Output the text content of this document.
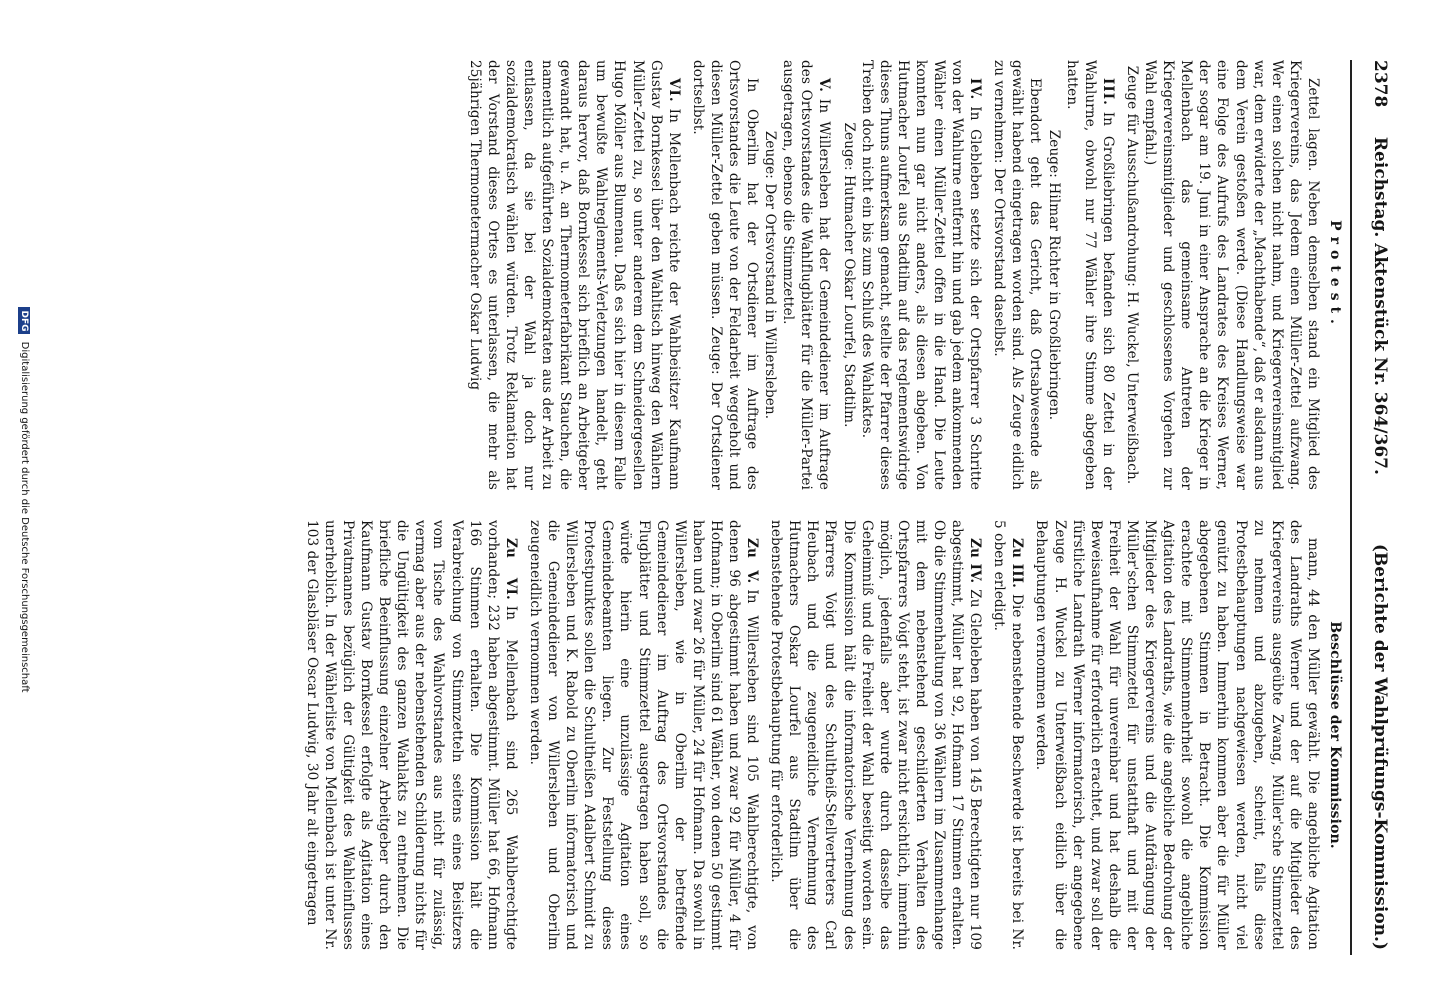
2378     Reichstag. Aktenstück Nr. 364/367.
(Berichte der Wahlprüfungs-Kommission.)
Protest.

Zettel lagen. Neben demselben stand ein Mitglied des Kriegervereins, das Jedem einen Müller-Zettel aufzwang. Wer einen solchen nicht nahm, und Kriegervereinsmitglied war, dem erwiderte der „Machthabende“, daß er alsdann aus dem Verein gestoßen werde. (Diese Handlungsweise war eine Folge des Aufrufs des Landrates des Kreises Werner, der sogar am 19. Juni in einer Ansprache an die Krieger in Mellenbach das gemeinsame Antreten der Kriegervereinsmitglieder und geschlossenes Vorgehen zur Wahl empfahl.)

Zeuge für Ausschußandrohung: H. Wuckel, Unterweißbach.

III.In Großliebringen befanden sich 80 Zettel in der Wahlurne, obwohl nur 77 Wähler ihre Stimme abgegeben hatten.

Zeuge: Hilmar Richter in Großliebringen.

Ebendort geht das Gericht, daß Ortsabwesende als gewählt habend eingetragen worden sind. Als Zeuge eidlich zu vernehmen: Der Ortsvorstand daselbst.

IV.In Glebleben setzte sich der Ortspfarrer 3 Schritte von der Wahlurne entfernt hin und gab jedem ankommenden Wähler einen Müller-Zettel offen in die Hand. Die Leute konnten nun gar nicht anders, als diesen abgeben. Von Hutmacher Lourfel aus Stadtilm auf das reglementswidrige dieses Thuns aufmerksam gemacht, stellte der Pfarrer dieses Treiben doch nicht ein bis zum Schluß des Wahlaktes.

Zeuge: Hutmacher Oskar Lourfel, Stadtilm.

V.In Willersleben hat der Gemeindediener im Auftrage des Ortsvorstandes die Wahlflugblätter für die Müller-Partei ausgetragen, ebenso die Stimmzettel.

Zeuge: Der Ortsvorstand in Willersleben.

In Oberilm hat der Ortsdiener im Auftrage des Ortsvorstandes die Leute von der Feldarbeit weggeholt und diesen Müller-Zettel geben müssen. Zeuge: Der Ortsdiener dortselbst.

VI.In Mellenbach reichte der Wahlbeisitzer Kaufmann Gustav Bornkessel über den Wahltisch hinweg den Wählern Müller-Zettel zu, so unter anderem dem Schneidergesellen Hugo Möller aus Blumenau. Daß es sich hier in diesem Falle um bewußte Wahlreglements-Verletzungen handelt, geht daraus hervor, daß Bornkessel sich brieflich an Arbeitgeber gewandt hat, u. A. an Thermometerfabrikant Stauchen, die namentlich aufgeführten Sozialdemokraten aus der Arbeit zu entlassen, da sie bei der Wahl ja doch nur sozialdemokratisch wählen würden. Trotz Reklamation hat der Vorstand dieses Ortes es unterlassen, die mehr als 25jährigen Thermometermacher Oskar Ludwig

Beschlüsse der Kommission.

mann, 44 den Müller gewählt. Die angebliche Agitation des Landraths Werner und der auf die Mitglieder des Kriegervereins ausgeübte Zwang, Müller'sche Stimmzettel zu nehmen und abzugeben, scheint, falls diese Protestbehauptungen nachgewiesen werden, nicht viel genützt zu haben. Immerhin kommen aber die für Müller abgegebenen Stimmen in Betracht. Die Kommission erachtete mit Stimmenmehrheit sowohl die angebliche Agitation des Landraths, wie die angebliche Bedrohung der Mitglieder des Kriegervereins und die Aufdrängung der Müller'schen Stimmzettel für unstatthaft und mit der Freiheit der Wahl für unvereinbar und hat deshalb die Beweisaufnahme für erforderlich erachtet, und zwar soll der fürstliche Landrath Werner informatorisch, der angegebene Zeuge H. Wuckel zu Unterweißbach eidlich über die Behauptungen vernommen werden.

Zu III.Die nebenstehende Beschwerde ist bereits bei Nr. 5 oben erledigt.

Zu IV.Zu Glebleben haben von 145 Berechtigten nur 109 abgestimmt, Müller hat 92, Hofmann 17 Stimmen erhalten. Ob die Stimmenhaltung von 36 Wählern im Zusammenhange mit dem nebenstehend geschilderten Verhalten des Ortspfarrers Voigt steht, ist zwar nicht ersichtlich, immerhin möglich, jedenfalls aber wurde durch dasselbe das Geheimniß und die Freiheit der Wahl beseitigt worden sein. Die Kommission hält die informatorische Vernehmung des Pfarrers Voigt und des Schultheiß-Stellvertreters Carl Heubach und die zeugeneidliche Vernehmung des Hutmachers Oskar Lourfel aus Stadtilm über die nebenstehende Protestbehauptung für erforderlich.

Zu V.In Willersleben sind 105 Wahlberechtigte, von denen 96 abgestimmt haben und zwar 92 für Müller, 4 für Hofmann; in Oberilm sind 61 Wähler, von denen 50 gestimmt haben und zwar 26 für Müller, 24 für Hofmann. Da sowohl in Willersleben, wie in Oberilm der betreffende Gemeindediener im Auftrag des Ortsvorstandes die Flugblätter und Stimmzettel ausgetragen haben soll, so würde hierin eine unzulässige Agitation eines Gemeindebeamten liegen. Zur Feststellung dieses Protestpunktes sollen die Schultheißen Adalbert Schmidt zu Willersleben und K. Rabold zu Oberilm informatorisch und die Gemeindediener von Willersleben und Oberilm zeugeneidlich vernommen werden.

Zu VI.In Mellenbach sind 265 Wahlberechtigte vorhanden; 232 haben abgestimmt. Müller hat 66, Hofmann 166 Stimmen erhalten. Die Kommission hält die Verabreichung von Stimmzetteln seitens eines Beisitzers vom Tische des Wahlvorstandes aus nicht für zulässig, vermag aber aus der nebenstehenden Schilderung nichts für die Ungültigkeit des ganzen Wahlakts zu entnehmen. Die briefliche Beeinflussung einzelner Arbeitgeber durch den Kaufmann Gustav Bornkessel erfolgte als Agitation eines Privatmannes bezüglich der Gültigkeit des Wahleinflusses unerheblich. In der Wählerliste von Mellenbach ist unter Nr. 103 der Glasbläser Oscar Ludwig, 30 Jahr alt eingetragen

DFG Digitalisierung gefördert durch die Deutsche Forschungsgemeinschaft
